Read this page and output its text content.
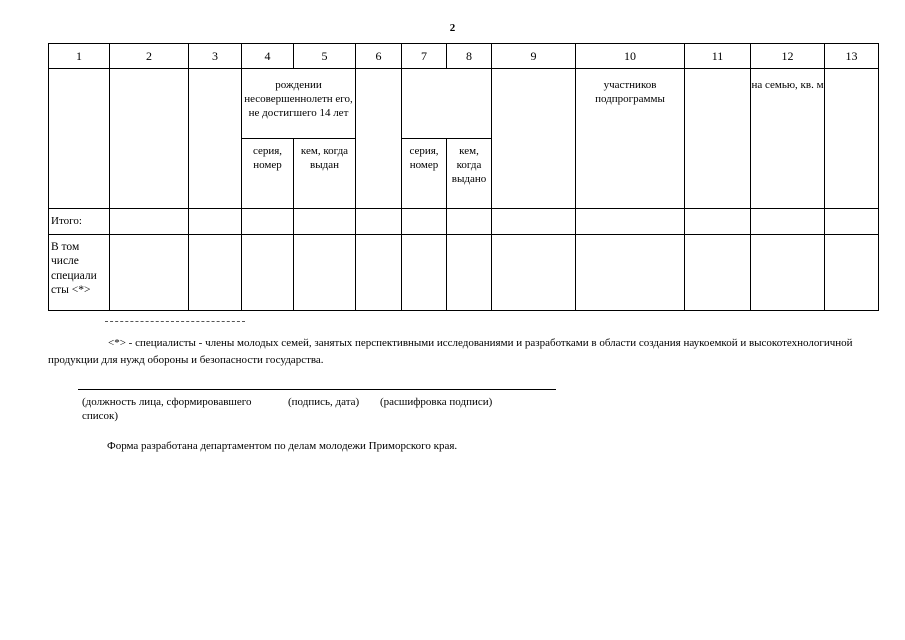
2
1	2	3	4	5	6	7	8	9	10	11	12	13
			рождении несовершеннолетн его, не достигшего 14 лет						участников подпрограммы		на семью, кв. м	
			серия, номер	кем, когда выдан		серия, номер	кем, когда выдано					
Итого:												
В том числе специали сты <*>												
<*> - специалисты - члены молодых семей, занятых перспективными исследованиями и разработками в области создания наукоемкой и высокотехнологичной продукции для нужд обороны и безопасности государства.
(должность лица, сформировавшего список)
(подпись, дата) (расшифровка подписи)
Форма разработана департаментом по делам молодежи Приморского края.
